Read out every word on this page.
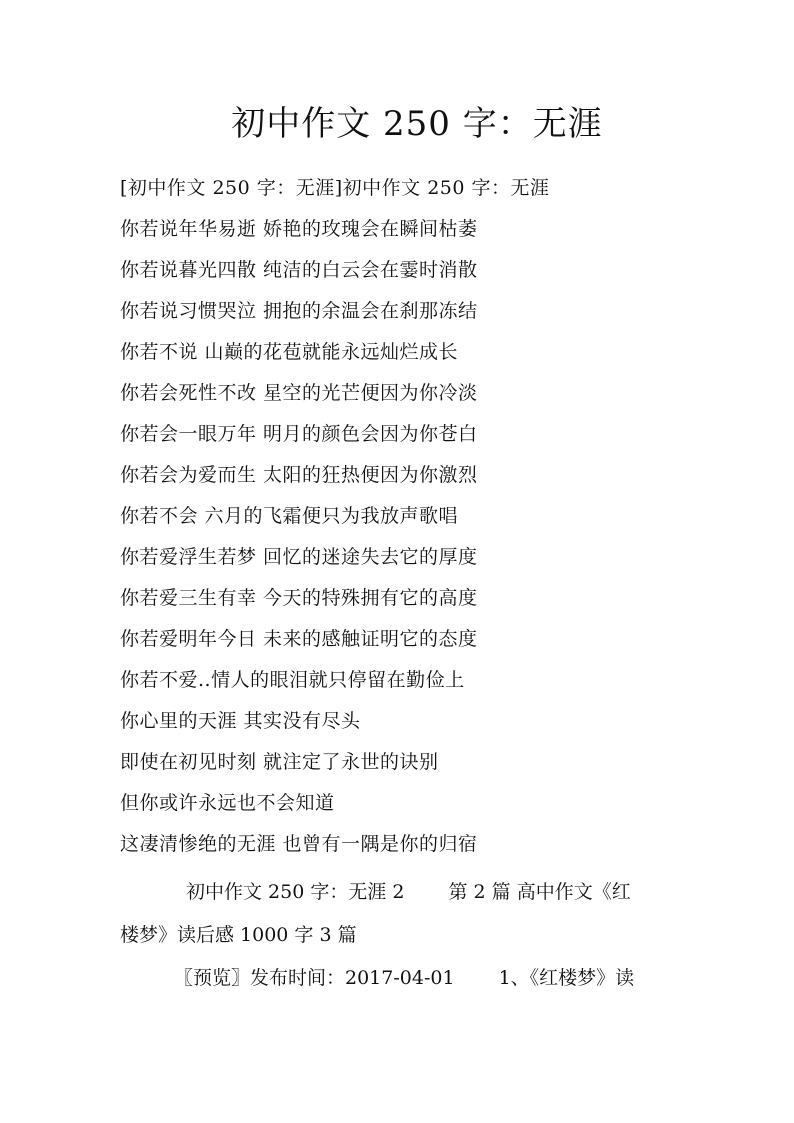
初中作文 250 字：无涯
[初中作文 250 字：无涯]初中作文 250 字：无涯
你若说年华易逝 娇艳的玫瑰会在瞬间枯萎
你若说暮光四散 纯洁的白云会在霎时消散
你若说习惯哭泣 拥抱的余温会在刹那冻结
你若不说 山巅的花苞就能永远灿烂成长
你若会死性不改 星空的光芒便因为你冷淡
你若会一眼万年 明月的颜色会因为你苍白
你若会为爱而生 太阳的狂热便因为你激烈
你若不会 六月的飞霜便只为我放声歌唱
你若爱浮生若梦 回忆的迷途失去它的厚度
你若爱三生有幸 今天的特殊拥有它的高度
你若爱明年今日 未来的感触证明它的态度
你若不爱..情人的眼泪就只停留在勤俭上
你心里的天涯 其实没有尽头
即使在初见时刻 就注定了永世的诀别
但你或许永远也不会知道
这凄清惨绝的无涯 也曾有一隅是你的归宿
初中作文 250 字：无涯 2 第 2 篇 高中作文《红
楼梦》读后感 1000 字 3 篇
〖预览〗发布时间：2017-04-01 1、《红楼梦》读
